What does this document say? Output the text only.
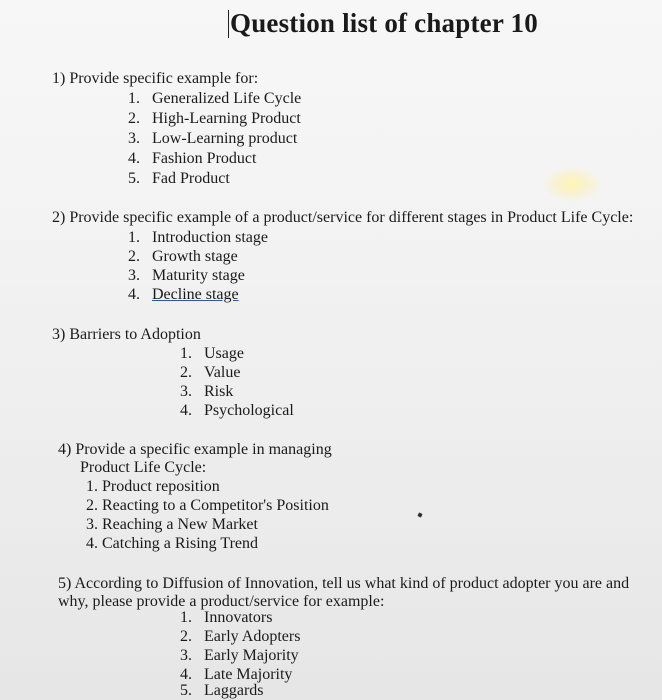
Question list of chapter 10
1) Provide specific example for:
1. Generalized Life Cycle
2. High-Learning Product
3. Low-Learning product
4. Fashion Product
5. Fad Product
2) Provide specific example of a product/service for different stages in Product Life Cycle:
1. Introduction stage
2. Growth stage
3. Maturity stage
4. Decline stage
3) Barriers to Adoption
1. Usage
2. Value
3. Risk
4. Psychological
4) Provide a specific example in managing
Product Life Cycle:
1. Product reposition
2. Reacting to a Competitor's Position
3. Reaching a New Market
4. Catching a Rising Trend
5) According to Diffusion of Innovation, tell us what kind of product adopter you are and
why, please provide a product/service for example:
1. Innovators
2. Early Adopters
3. Early Majority
4. Late Majority
5. Laggards
